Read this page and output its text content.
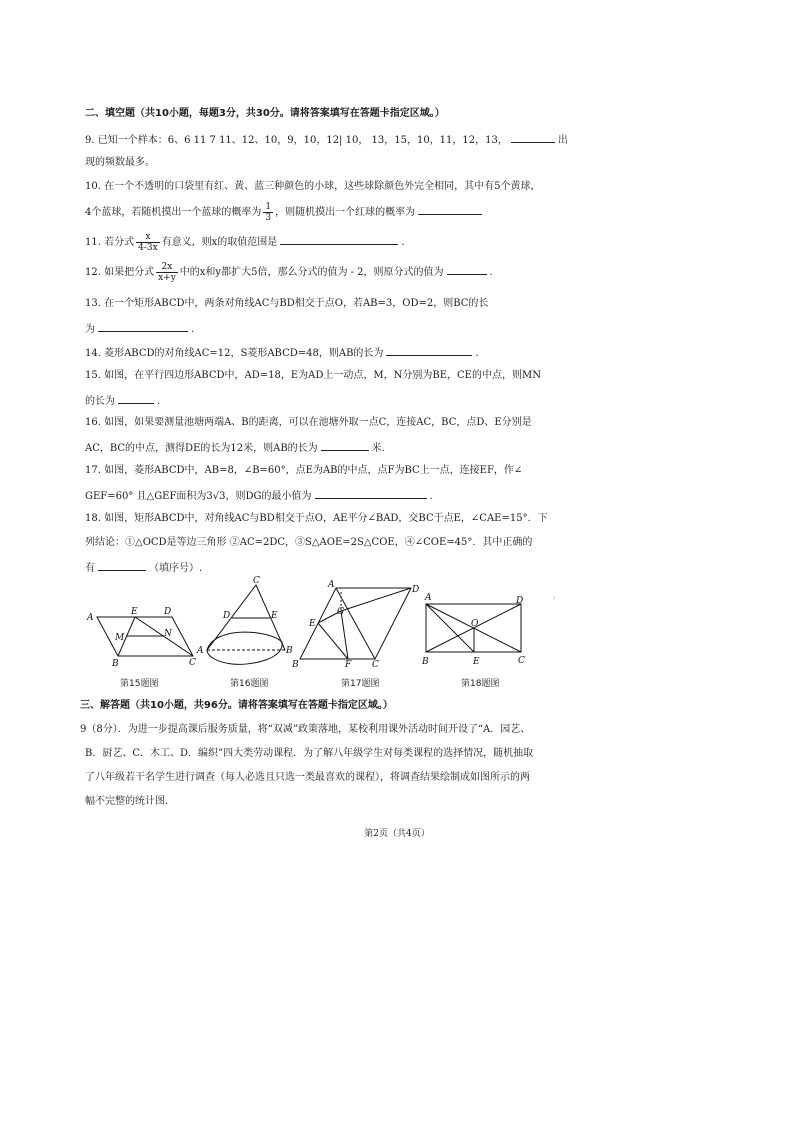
二、填空题（共10小题，每题3分，共30分。请将答案填写在答题卡指定区域。）
9. 已知一个样本：6、6 11 7 11、12、10，9，10，12| 10， 13，15，10，11，12，13，	出
现的频数最多。
10. 在一个不透明的口袋里有红、黄、蓝三种颜色的小球，这些球除颜色外完全相同，其中有5个黄球，
4个蓝球，若随机摸出一个蓝球的概率为 $\frac{1}{3}$ ，则随机摸出一个红球的概率为
11. 若分式 $\frac{x}{4-3x}$ 有意义，则x的取值范围是	.
12. 如果把分式 $\frac{2x}{x+y}$ 中的x和y都扩大5倍，那么分式的值为 - 2，则原分式的值为	.
13. 在一个矩形ABCD中，两条对角线AC与BD相交于点O，若AB=3，OD=2，则BC的长
为	.
14. 菱形ABCD的对角线AC=12，S菱形ABCD=48，则AB的长为	.
15. 如图，在平行四边形ABCD中，AD=18，E为AD上一动点，M，N分别为BE，CE的中点，则MN
的长为	.
16. 如图，如果要测量池塘两端A、B的距离，可以在池塘外取一点C，连接AC，BC，点D、E分别是
AC，BC的中点，测得DE的长为12米，则AB的长为	米.
17. 如图，菱形ABCD中，AB=8，∠B=60°，点E为AB的中点，点F为BC上一点，连接EF，作∠
GEF=60° 且△GEF面积为3√3，则DG的最小值为	.
18. 如图，矩形ABCD中，对角线AC与BD相交于点O，AE平分∠BAD，交BC于点E，∠CAE=15°．下
列结论：①△OCD是等边三角形 ②AC=2DC，③S△AOE=2S△COE，④∠COE=45°．其中正确的
有	（填序号）.
A
E	D
M	N
B	C
C
D	E
A	B
A	D
G
E
B	F C
A	D
O
B	E	C
第15题图	第16题图	第17题图	第18题图
·
三、解答题（共10小题，共96分。请将答案填写在答题卡指定区域。）
9（8分）．为进一步提高课后服务质量，将“双减”政策落地，某校利用课外活动时间开设了“A．园艺、
B．厨艺、C．木工、D．编织”四大类劳动课程．为了解八年级学生对每类课程的选择情况，随机抽取
了八年级若干名学生进行调查（每人必选且只选一类最喜欢的课程），将调查结果绘制成如图所示的两
幅不完整的统计图．
第2页（共4页）
